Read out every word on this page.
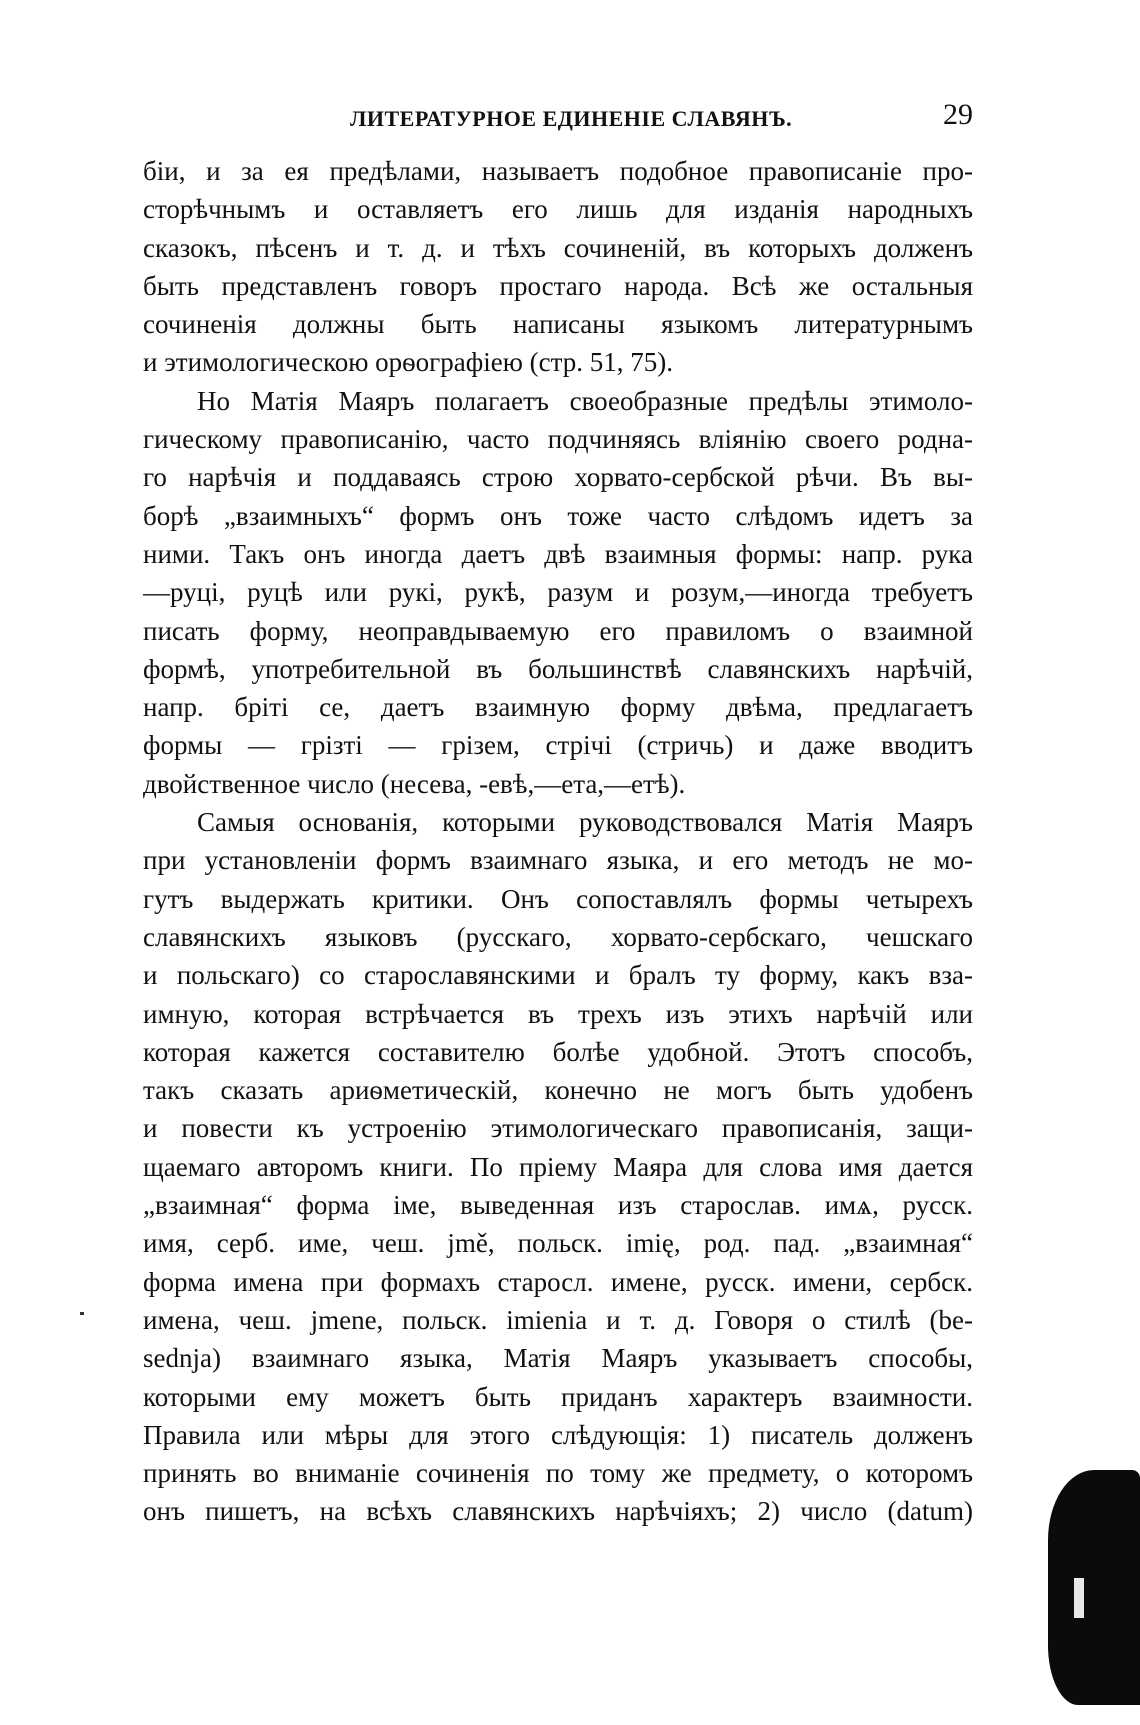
ЛИТЕРАТУРНОЕ ЕДИНЕНІЕ СЛАВЯНЪ.	29
біи, и за ея предѣлами, называетъ подобное правописаніе про-
сторѣчнымъ и оставляетъ его лишь для изданія народныхъ
сказокъ, пѣсенъ и т. д. и тѣхъ сочиненій, въ которыхъ долженъ
быть представленъ говоръ простаго народа. Всѣ же остальныя
сочиненія должны быть написаны языкомъ литературнымъ
и этимологическою орѳографіею (стр. 51, 75).
Но Матія Маяръ полагаетъ своеобразные предѣлы этимоло-
гическому правописанію, часто подчиняясь вліянію своего родна-
го нарѣчія и поддаваясь строю хорвато-сербской рѣчи. Въ вы-
борѣ „взаимныхъ“ формъ онъ тоже часто слѣдомъ идетъ за
ними. Такъ онъ иногда даетъ двѣ взаимныя формы: напр. рука
—руці, руцѣ или рукі, рукѣ, разум и розум,—иногда требуетъ
писать форму, неоправдываемую его правиломъ о взаимной
формѣ, употребительной въ большинствѣ славянскихъ нарѣчій,
напр. бріті се, даетъ взаимную форму двѣма, предлагаетъ
формы — грізті — грізем, стрічі (стричь) и даже вводитъ
двойственное число (несева, -евѣ,—ета,—етѣ).
Самыя основанія, которыми руководствовался Матія Маяръ
при установленіи формъ взаимнаго языка, и его методъ не мо-
гутъ выдержать критики. Онъ сопоставлялъ формы четырехъ
славянскихъ языковъ (русскаго, хорвато-сербскаго, чешскаго
и польскаго) со старославянскими и бралъ ту форму, какъ вза-
имную, которая встрѣчается въ трехъ изъ этихъ нарѣчій или
которая кажется составителю болѣе удобной. Этотъ способъ,
такъ сказать ариѳметическій, конечно не могъ быть удобенъ
и повести къ устроенію этимологическаго правописанія, защи-
щаемаго авторомъ книги. По пріему Маяра для слова имя дается
„взаимная“ форма іме, выведенная изъ старослав. имѧ, русск.
имя, серб. име, чеш. jmě, польск. imię, род. пад. „взаимная“
форма имена при формахъ старосл. имене, русск. имени, сербск.
имена, чеш. jmene, польск. imienia и т. д. Говоря о стилѣ (be-
sednja) взаимнаго языка, Матія Маяръ указываетъ способы,
которыми ему можетъ быть приданъ характеръ взаимности.
Правила или мѣры для этого слѣдующія: 1) писатель долженъ
принять во вниманіе сочиненія по тому же предмету, о которомъ
онъ пишетъ, на всѣхъ славянскихъ нарѣчіяхъ; 2) число (datum)
